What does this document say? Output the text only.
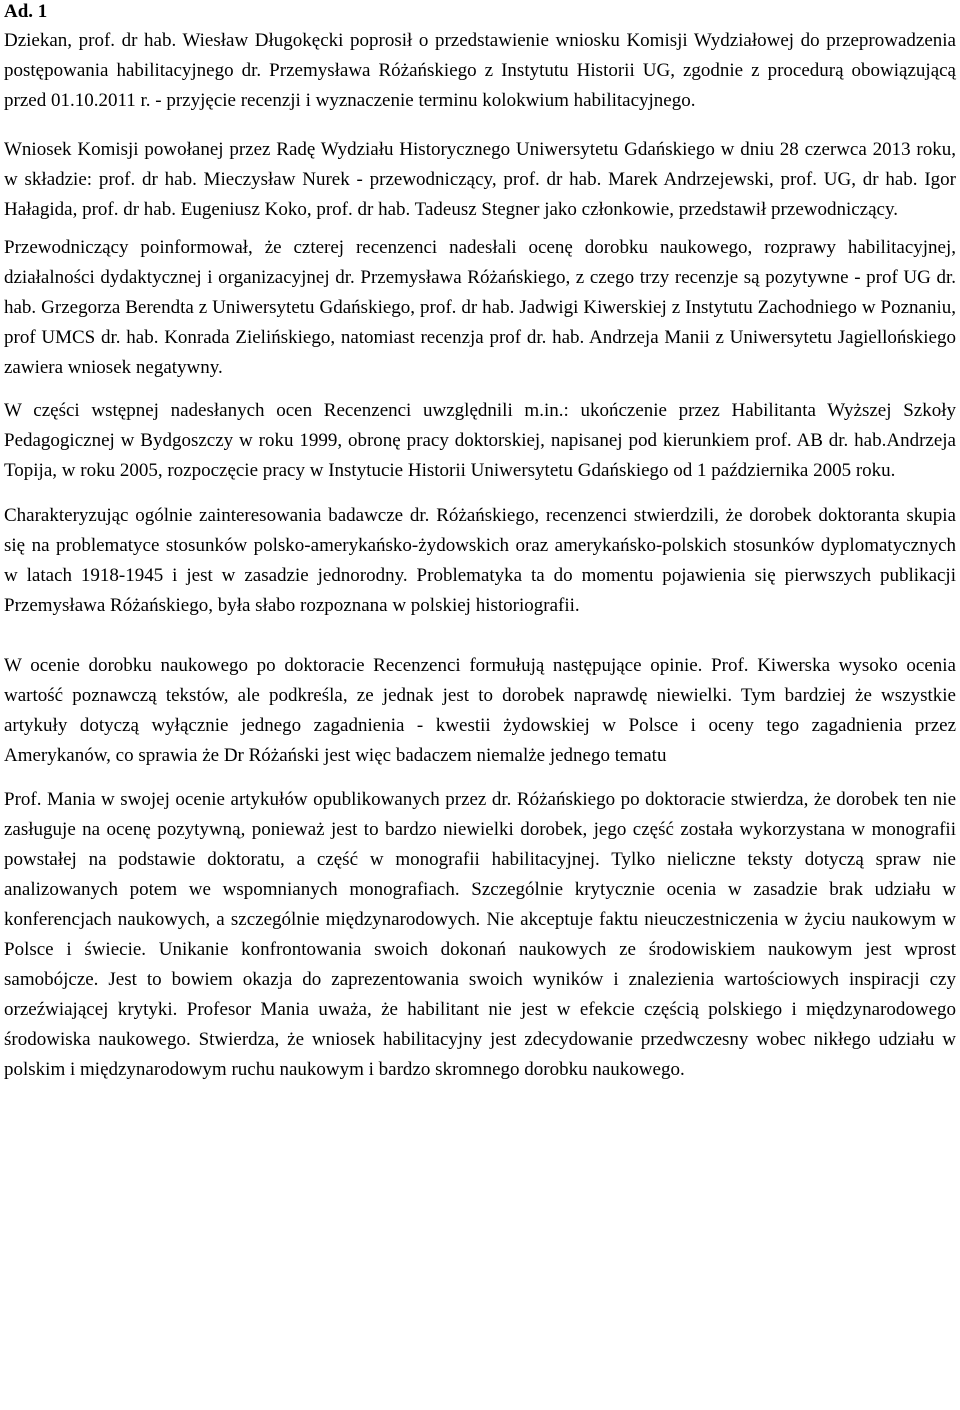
Ad. 1

Dziekan, prof. dr hab. Wiesław Długokęcki poprosił o przedstawienie wniosku Komisji Wydziałowej do przeprowadzenia postępowania habilitacyjnego dr. Przemysława Różańskiego z Instytutu Historii UG, zgodnie z procedurą obowiązującą przed 01.10.2011 r. - przyjęcie recenzji i wyznaczenie terminu kolokwium habilitacyjnego.

Wniosek Komisji powołanej przez Radę Wydziału Historycznego Uniwersytetu Gdańskiego w dniu 28 czerwca 2013 roku, w składzie: prof. dr hab. Mieczysław Nurek - przewodniczący, prof. dr hab. Marek Andrzejewski, prof. UG, dr hab. Igor Hałagida, prof. dr hab. Eugeniusz Koko, prof. dr hab. Tadeusz Stegner jako członkowie, przedstawił przewodniczący.

Przewodniczący poinformował, że czterej recenzenci nadesłali ocenę dorobku naukowego, rozprawy habilitacyjnej, działalności dydaktycznej i organizacyjnej dr. Przemysława Różańskiego, z czego trzy recenzje są pozytywne - prof UG dr. hab. Grzegorza Berendta z Uniwersytetu Gdańskiego, prof. dr hab. Jadwigi Kiwerskiej z Instytutu Zachodniego w Poznaniu, prof UMCS dr. hab. Konrada Zielińskiego, natomiast recenzja prof dr. hab. Andrzeja Manii z Uniwersytetu Jagiellońskiego zawiera wniosek negatywny.

W części wstępnej nadesłanych ocen Recenzenci uwzględnili m.in.: ukończenie przez Habilitanta Wyższej Szkoły Pedagogicznej w Bydgoszczy w roku 1999, obronę pracy doktorskiej, napisanej pod kierunkiem prof. AB dr. hab.Andrzeja Topija, w roku 2005, rozpoczęcie pracy w Instytucie Historii Uniwersytetu Gdańskiego od 1 października 2005 roku.

Charakteryzując ogólnie zainteresowania badawcze dr. Różańskiego, recenzenci stwierdzili, że dorobek doktoranta skupia się na problematyce stosunków polsko-amerykańsko-żydowskich oraz amerykańsko-polskich stosunków dyplomatycznych w latach 1918-1945 i jest w zasadzie jednorodny. Problematyka ta do momentu pojawienia się pierwszych publikacji Przemysława Różańskiego, była słabo rozpoznana w polskiej historiografii.

W ocenie dorobku naukowego po doktoracie Recenzenci formułują następujące opinie. Prof. Kiwerska wysoko ocenia wartość poznawczą tekstów, ale podkreśla, ze jednak jest to dorobek naprawdę niewielki. Tym bardziej że wszystkie artykuły dotyczą wyłącznie jednego zagadnienia - kwestii żydowskiej w Polsce i oceny tego zagadnienia przez Amerykanów, co sprawia że Dr Różański jest więc badaczem niemalże jednego tematu

Prof. Mania w swojej ocenie artykułów opublikowanych przez dr. Różańskiego po doktoracie stwierdza, że dorobek ten nie zasługuje na ocenę pozytywną, ponieważ jest to bardzo niewielki dorobek, jego część została wykorzystana w monografii powstałej na podstawie doktoratu, a część w monografii habilitacyjnej. Tylko nieliczne teksty dotyczą spraw nie analizowanych potem we wspomnianych monografiach. Szczególnie krytycznie ocenia w zasadzie brak udziału w konferencjach naukowych, a szczególnie międzynarodowych. Nie akceptuje faktu nieuczestniczenia w życiu naukowym w Polsce i świecie. Unikanie konfrontowania swoich dokonań naukowych ze środowiskiem naukowym jest wprost samobójcze. Jest to bowiem okazja do zaprezentowania swoich wyników i znalezienia wartościowych inspiracji czy orzeźwiającej krytyki. Profesor Mania uważa, że habilitant nie jest w efekcie częścią polskiego i międzynarodowego środowiska naukowego. Stwierdza, że wniosek habilitacyjny jest zdecydowanie przedwczesny wobec nikłego udziału w polskim i międzynarodowym ruchu naukowym i bardzo skromnego dorobku naukowego.
